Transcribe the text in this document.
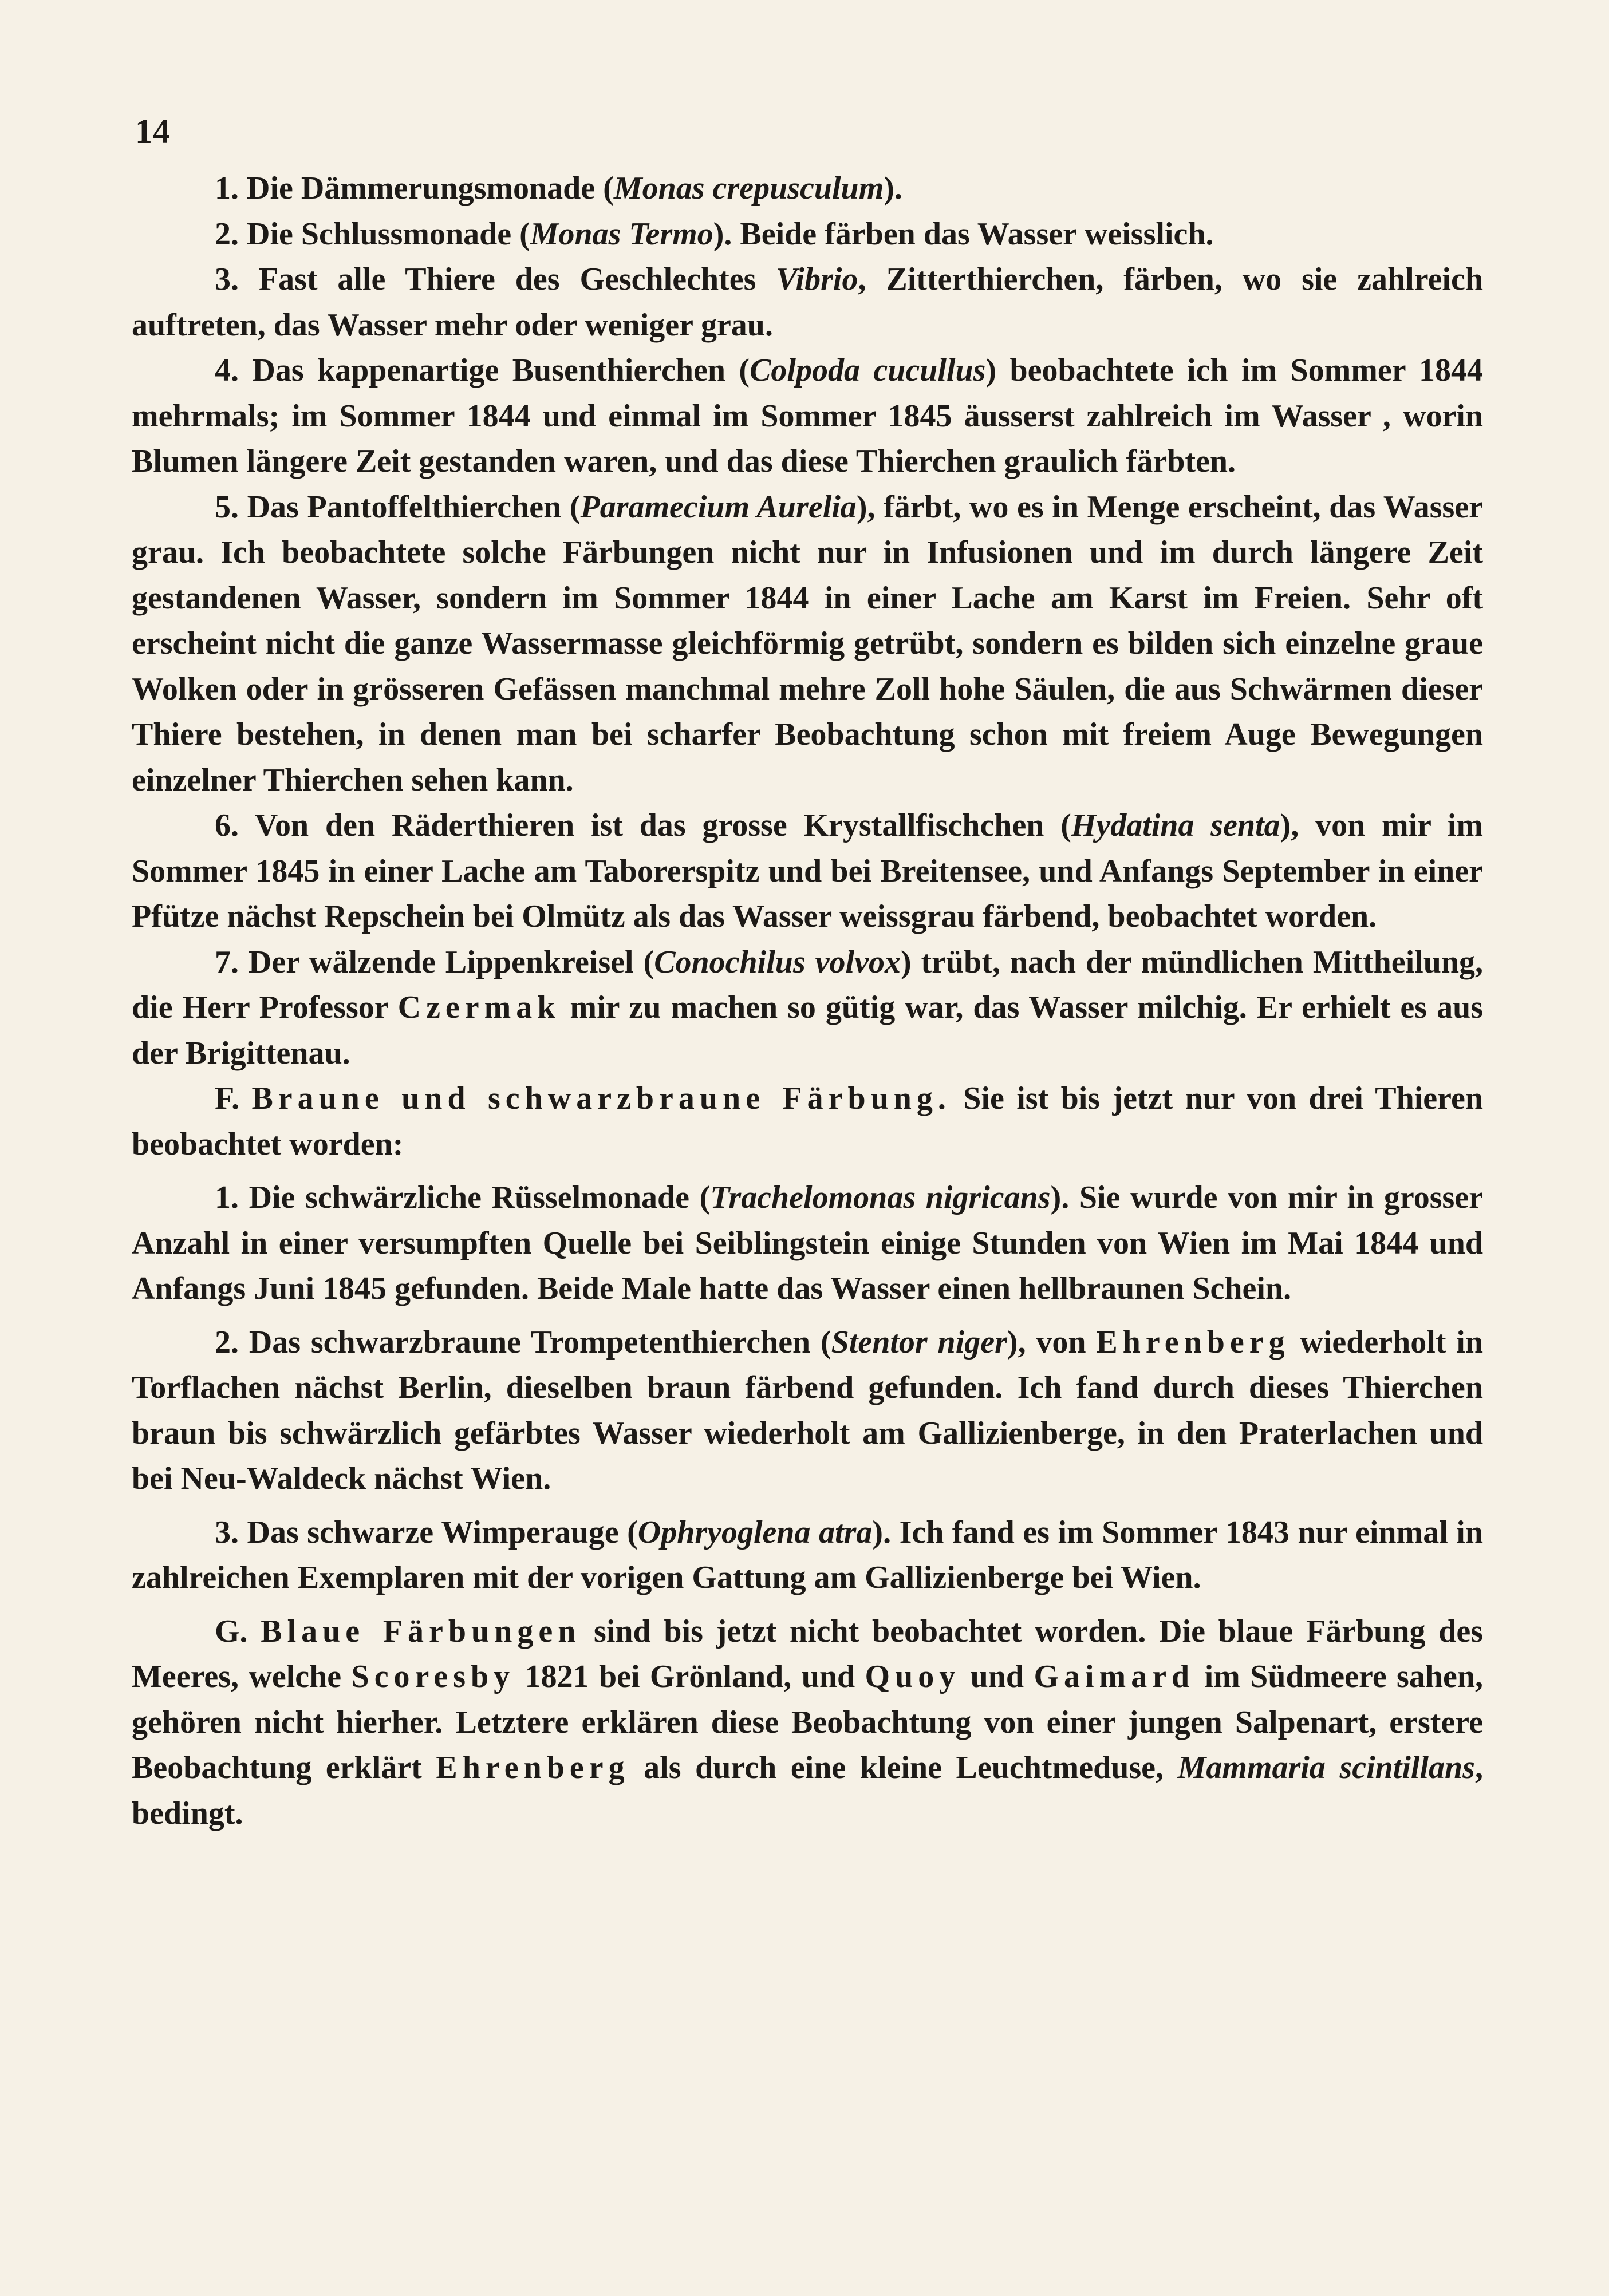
14

1. Die Dämmerungsmonade (Monas crepusculum).

2. Die Schlussmonade (Monas Termo). Beide färben das Wasser weisslich.

3. Fast alle Thiere des Geschlechtes Vibrio, Zitterthierchen, färben, wo sie zahlreich auftreten, das Wasser mehr oder weniger grau.

4. Das kappenartige Busenthierchen (Colpoda cucullus) beobachtete ich im Sommer 1844 mehrmals; im Sommer 1844 und einmal im Sommer 1845 äusserst zahlreich im Wasser , worin Blumen längere Zeit gestanden waren, und das diese Thierchen graulich färbten.

5. Das Pantoffelthierchen (Paramecium Aurelia), färbt, wo es in Menge erscheint, das Wasser grau. Ich beobachtete solche Färbungen nicht nur in Infusionen und im durch längere Zeit gestandenen Wasser, sondern im Sommer 1844 in einer Lache am Karst im Freien. Sehr oft erscheint nicht die ganze Wassermasse gleichförmig getrübt, sondern es bilden sich einzelne graue Wolken oder in grösseren Gefässen manchmal mehre Zoll hohe Säulen, die aus Schwärmen dieser Thiere bestehen, in denen man bei scharfer Beobachtung schon mit freiem Auge Bewegungen einzelner Thierchen sehen kann.

6. Von den Räderthieren ist das grosse Krystallfischchen (Hydatina senta), von mir im Sommer 1845 in einer Lache am Taborerspitz und bei Breitensee, und Anfangs September in einer Pfütze nächst Repschein bei Olmütz als das Wasser weissgrau färbend, beobachtet worden.

7. Der wälzende Lippenkreisel (Conochilus volvox) trübt, nach der mündlichen Mittheilung, die Herr Professor Czermak mir zu machen so gütig war, das Wasser milchig. Er erhielt es aus der Brigittenau.

F. Braune und schwarzbraune Färbung. Sie ist bis jetzt nur von drei Thieren beobachtet worden:

1. Die schwärzliche Rüsselmonade (Trachelomonas nigricans). Sie wurde von mir in grosser Anzahl in einer versumpften Quelle bei Seiblingstein einige Stunden von Wien im Mai 1844 und Anfangs Juni 1845 gefunden. Beide Male hatte das Wasser einen hellbraunen Schein.

2. Das schwarzbraune Trompetenthierchen (Stentor niger), von Ehrenberg wiederholt in Torflachen nächst Berlin, dieselben braun färbend gefunden. Ich fand durch dieses Thierchen braun bis schwärzlich gefärbtes Wasser wiederholt am Gallizienberge, in den Praterlachen und bei Neu-Waldeck nächst Wien.

3. Das schwarze Wimperauge (Ophryoglena atra). Ich fand es im Sommer 1843 nur einmal in zahlreichen Exemplaren mit der vorigen Gattung am Gallizienberge bei Wien.

G. Blaue Färbungen sind bis jetzt nicht beobachtet worden. Die blaue Färbung des Meeres, welche Scoresby 1821 bei Grönland, und Quoy und Gaimard im Südmeere sahen, gehören nicht hierher. Letztere erklären diese Beobachtung von einer jungen Salpenart, erstere Beobachtung erklärt Ehrenberg als durch eine kleine Leuchtmeduse, Mammaria scintillans, bedingt.
